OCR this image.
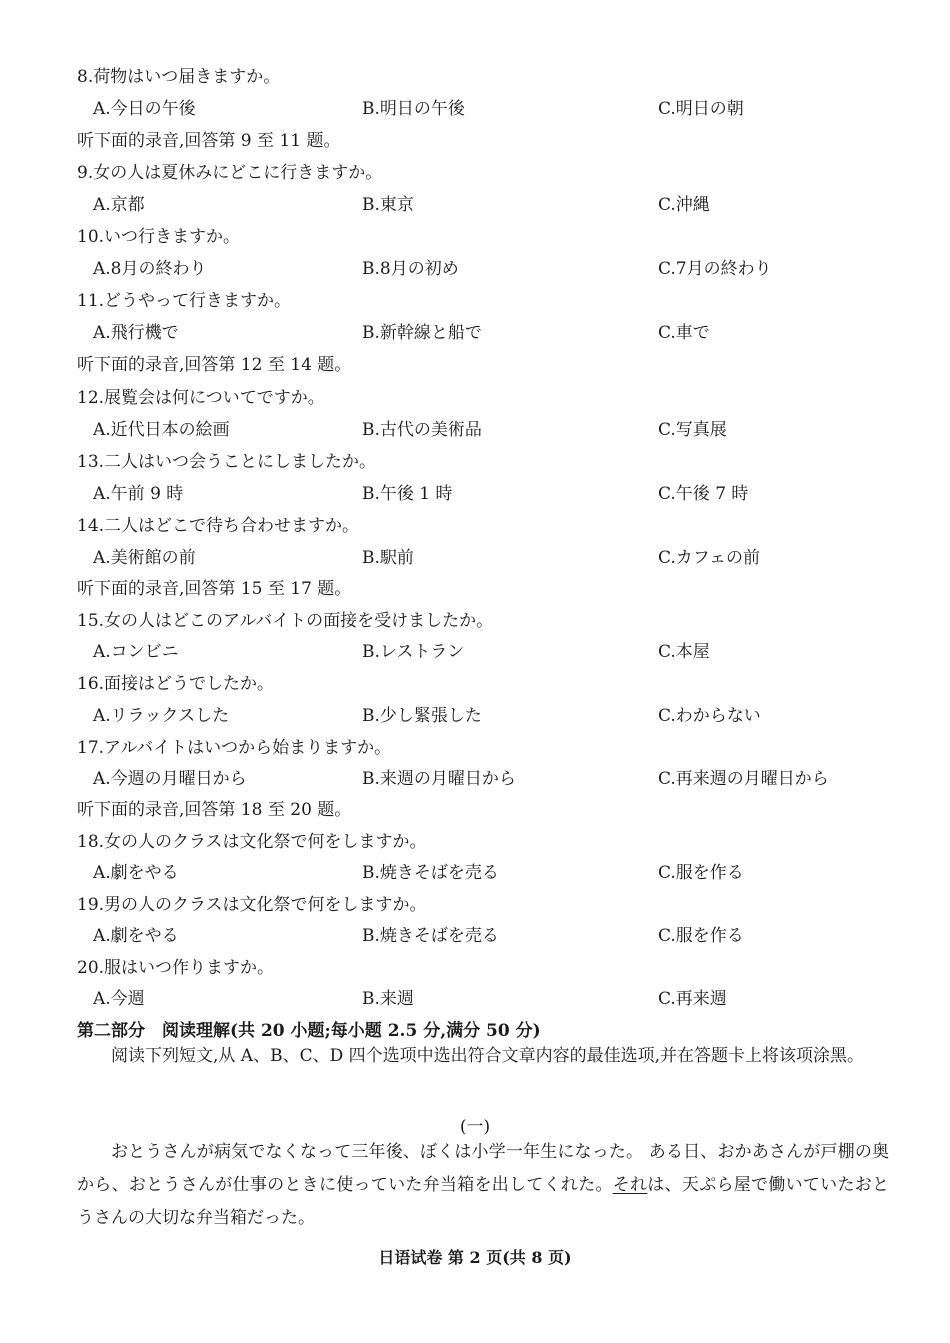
8.荷物はいつ届きますか。
A.今日の午後	B.明日の午後	C.明日の朝
听下面的录音,回答第 9 至 11 题。
9.女の人は夏休みにどこに行きますか。
A.京都	B.東京	C.沖縄
10.いつ行きますか。
A.8月の終わり	B.8月の初め	C.7月の終わり
11.どうやって行きますか。
A.飛行機で	B.新幹線と船で	C.車で
听下面的录音,回答第 12 至 14 题。
12.展覧会は何についてですか。
A.近代日本の絵画	B.古代の美術品	C.写真展
13.二人はいつ会うことにしましたか。
A.午前 9 時	B.午後 1 時	C.午後 7 時
14.二人はどこで待ち合わせますか。
A.美術館の前	B.駅前	C.カフェの前
听下面的录音,回答第 15 至 17 题。
15.女の人はどこのアルバイトの面接を受けましたか。
A.コンビニ	B.レストラン	C.本屋
16.面接はどうでしたか。
A.リラックスした	B.少し緊張した	C.わからない
17.アルバイトはいつから始まりますか。
A.今週の月曜日から	B.来週の月曜日から	C.再来週の月曜日から
听下面的录音,回答第 18 至 20 题。
18.女の人のクラスは文化祭で何をしますか。
A.劇をやる	B.焼きそばを売る	C.服を作る
19.男の人のクラスは文化祭で何をしますか。
A.劇をやる	B.焼きそばを売る	C.服を作る
20.服はいつ作りますか。
A.今週	B.来週	C.再来週
第二部分　阅读理解(共 20 小题;每小题 2.5 分,满分 50 分)
阅读下列短文,从 A、B、C、D 四个选项中选出符合文章内容的最佳选项,并在答题卡上将该项涂黑。
(一)
おとうさんが病気でなくなって三年後、ぼくは小学一年生になった。 ある日、おかあさんが戸棚の奥から、おとうさんが仕事のときに使っていた弁当箱を出してくれた。それは、天ぷら屋で働いていたおとうさんの大切な弁当箱だった。
日语试卷 第 2 页(共 8 页)
